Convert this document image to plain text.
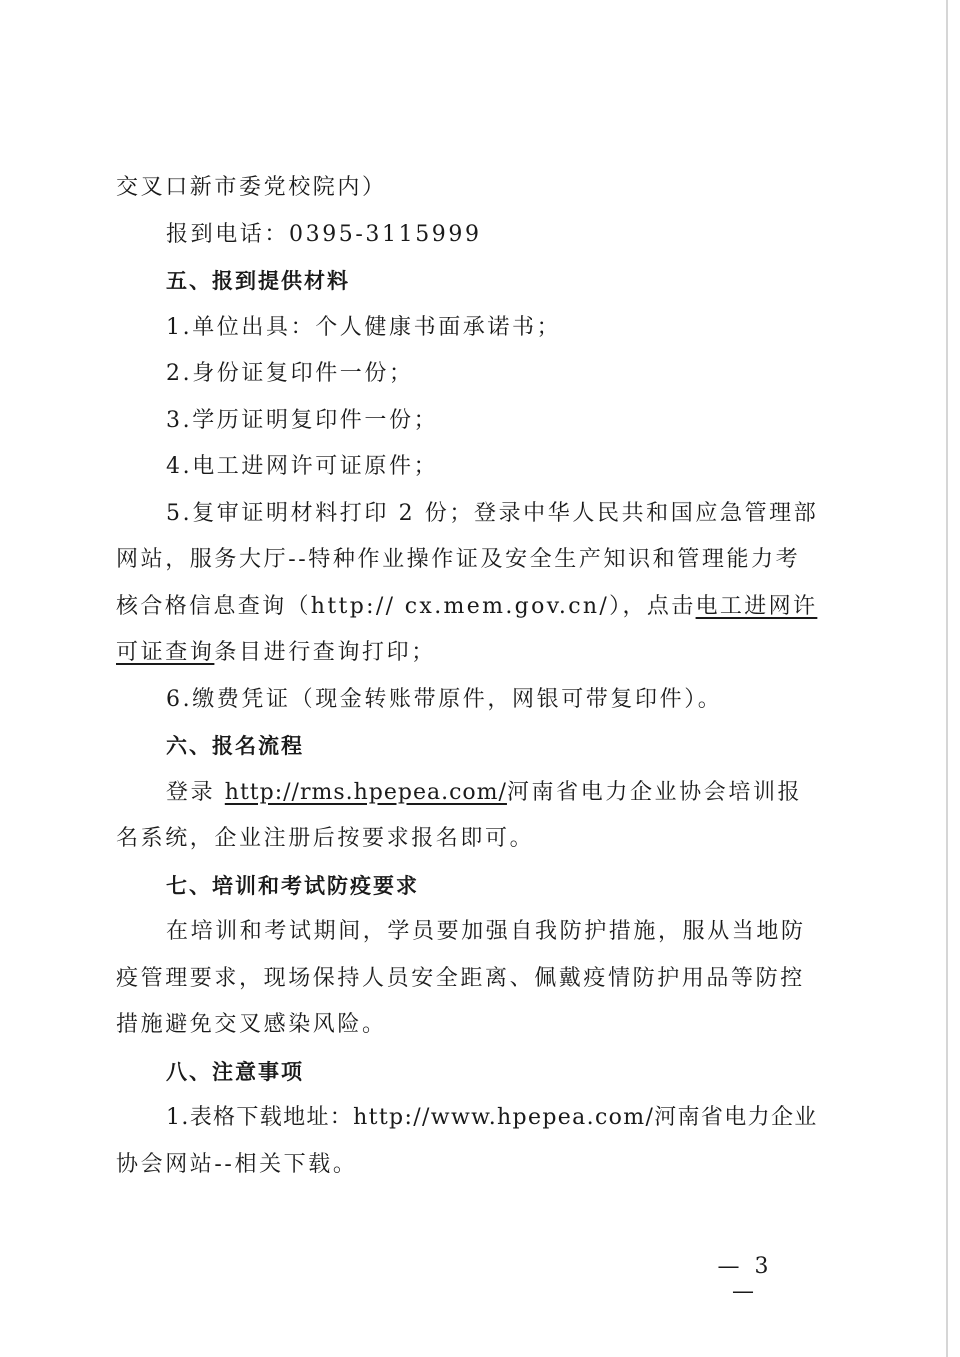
交叉口新市委党校院内）
报到电话：0395-3115999
五、报到提供材料
1.单位出具：个人健康书面承诺书；
2.身份证复印件一份；
3.学历证明复印件一份；
4.电工进网许可证原件；
5.复审证明材料打印 2 份；登录中华人民共和国应急管理部
网站，服务大厅--特种作业操作证及安全生产知识和管理能力考
核合格信息查询（http:// cx.mem.gov.cn/），点击电工进网许
可证查询条目进行查询打印；
6.缴费凭证（现金转账带原件，网银可带复印件）。
六、报名流程
登录 http://rms.hpepea.com/河南省电力企业协会培训报
名系统，企业注册后按要求报名即可。
七、培训和考试防疫要求
在培训和考试期间，学员要加强自我防护措施，服从当地防
疫管理要求，现场保持人员安全距离、佩戴疫情防护用品等防控
措施避免交叉感染风险。
八、注意事项
1.表格下载地址：http://www.hpepea.com/河南省电力企业
协会网站--相关下载。
— 3 —
